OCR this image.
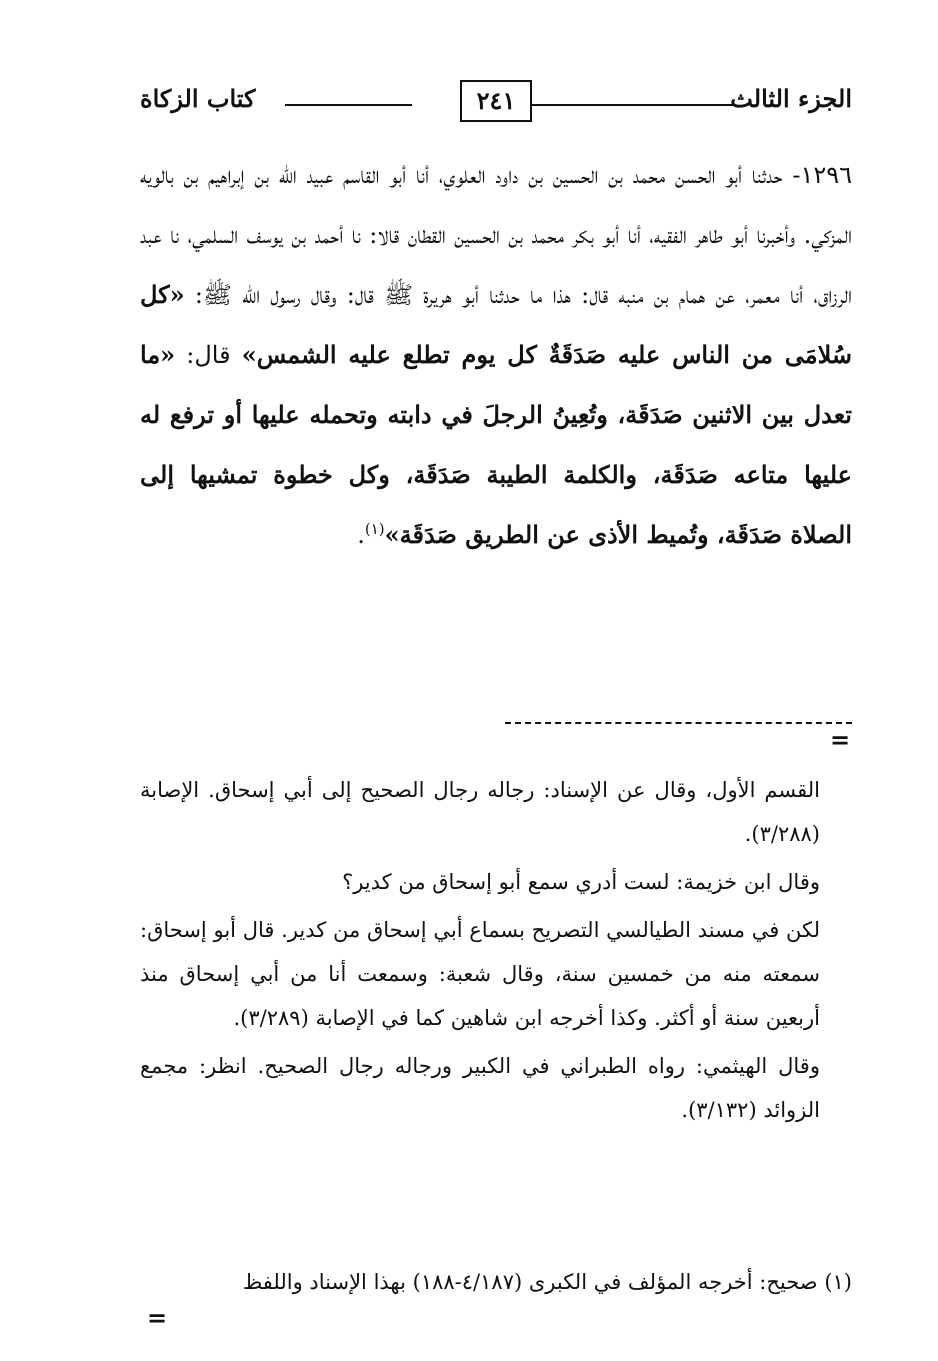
الجزء الثالث
٢٤١
كتاب الزكاة

١٢٩٦- حدثنا أبو الحسن محمد بن الحسين بن داود العلوي، أنا أبو القاسم عبيد الله بن إبراهيم بن بالويه المزكي. وأخبرنا أبو طاهر الفقيه، أنا أبو بكر محمد بن الحسين القطان قالا: نا أحمد بن يوسف السلمي، نا عبد الرزاق، أنا معمر، عن همام بن منبه قال: هذا ما حدثنا أبو هريرة ﷺ قال: وقال رسول الله ﷺ: «كل سُلامَى من الناس عليه صَدَقَةٌ كل يوم تطلع عليه الشمس» قال: «ما تعدل بين الاثنين صَدَقَة، وتُعِينُ الرجلَ في دابته وتحمله عليها أو ترفع له عليها متاعه صَدَقَة، والكلمة الطيبة صَدَقَة، وكل خطوة تمشيها إلى الصلاة صَدَقَة، وتُميط الأذى عن الطريق صَدَقَة»$^{(١)}$.

=

القسم الأول، وقال عن الإسناد: رجاله رجال الصحيح إلى أبي إسحاق. الإصابة (٣/٢٨٨).

وقال ابن خزيمة: لست أدري سمع أبو إسحاق من كدير؟

لكن في مسند الطيالسي التصريح بسماع أبي إسحاق من كدير. قال أبو إسحاق: سمعته منه من خمسين سنة، وقال شعبة: وسمعت أنا من أبي إسحاق منذ أربعين سنة أو أكثر. وكذا أخرجه ابن شاهين كما في الإصابة (٣/٢٨٩).

وقال الهيثمي: رواه الطبراني في الكبير ورجاله رجال الصحيح. انظر: مجمع الزوائد (٣/١٣٢).

(١) صحيح: أخرجه المؤلف في الكبرى (٤/١٨٧-١٨٨) بهذا الإسناد واللفظ
=
